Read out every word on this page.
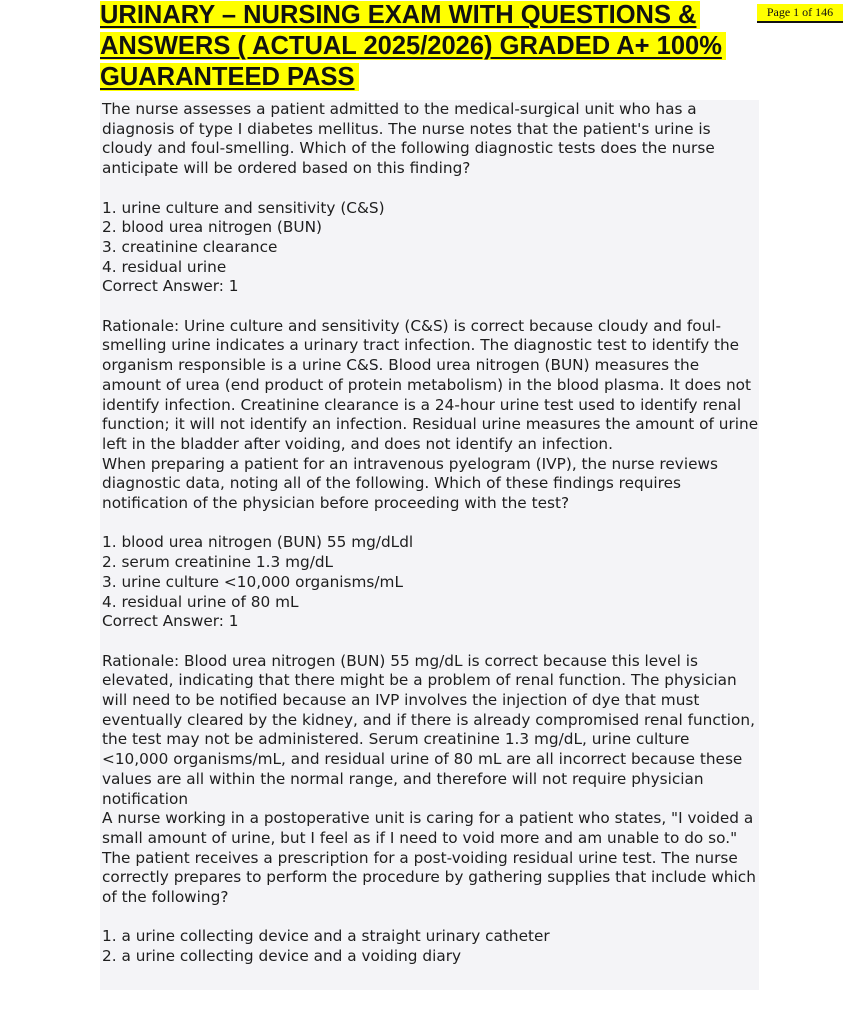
URINARY – NURSING EXAM WITH QUESTIONS & ANSWERS ( ACTUAL 2025/2026) GRADED A+ 100% GUARANTEED PASS
Page 1 of 146

The nurse assesses a patient admitted to the medical-surgical unit who has a diagnosis of type I diabetes mellitus. The nurse notes that the patient's urine is cloudy and foul-smelling. Which of the following diagnostic tests does the nurse anticipate will be ordered based on this finding?

1. urine culture and sensitivity (C&S)

2. blood urea nitrogen (BUN)

3. creatinine clearance

4. residual urine

Correct Answer: 1

Rationale: Urine culture and sensitivity (C&S) is correct because cloudy and foul-smelling urine indicates a urinary tract infection. The diagnostic test to identify the organism responsible is a urine C&S. Blood urea nitrogen (BUN) measures the amount of urea (end product of protein metabolism) in the blood plasma. It does not identify infection. Creatinine clearance is a 24-hour urine test used to identify renal function; it will not identify an infection. Residual urine measures the amount of urine left in the bladder after voiding, and does not identify an infection.

When preparing a patient for an intravenous pyelogram (IVP), the nurse reviews diagnostic data, noting all of the following. Which of these findings requires notification of the physician before proceeding with the test?

1. blood urea nitrogen (BUN) 55 mg/dLdl

2. serum creatinine 1.3 mg/dL

3. urine culture <10,000 organisms/mL

4. residual urine of 80 mL

Correct Answer: 1

Rationale: Blood urea nitrogen (BUN) 55 mg/dL is correct because this level is elevated, indicating that there might be a problem of renal function. The physician will need to be notified because an IVP involves the injection of dye that must eventually cleared by the kidney, and if there is already compromised renal function, the test may not be administered. Serum creatinine 1.3 mg/dL, urine culture <10,000 organisms/mL, and residual urine of 80 mL are all incorrect because these values are all within the normal range, and therefore will not require physician notification

A nurse working in a postoperative unit is caring for a patient who states, "I voided a small amount of urine, but I feel as if I need to void more and am unable to do so." The patient receives a prescription for a post-voiding residual urine test. The nurse correctly prepares to perform the procedure by gathering supplies that include which of the following?

1. a urine collecting device and a straight urinary catheter

2. a urine collecting device and a voiding diary
